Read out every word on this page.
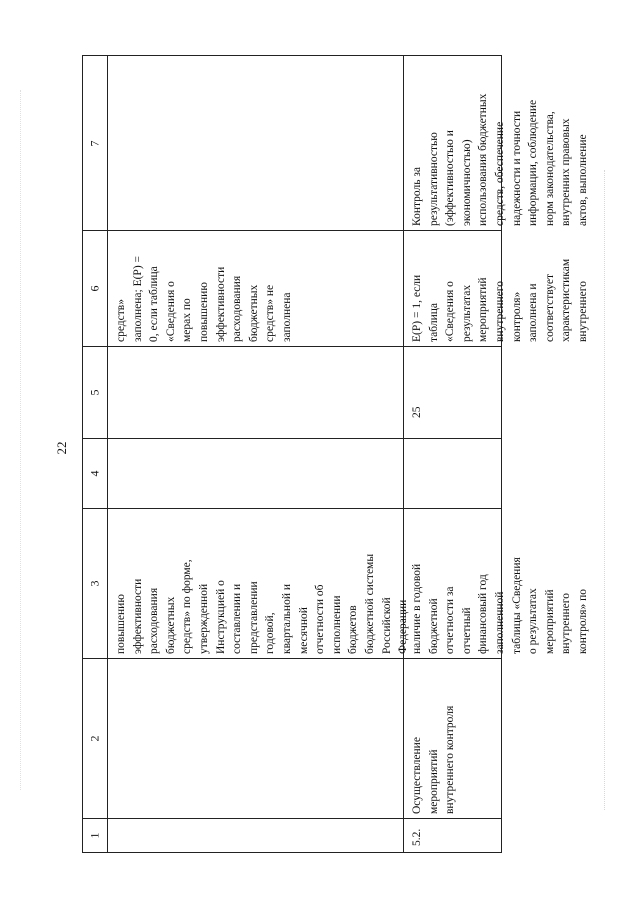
22
7
6
5
4
3
2
1
повышению эффективности расходования бюджетных средств» по форме, утвержденной Инструкцией о составлении и представлении годовой, квартальной и месячной отчетности об исполнении бюджетов бюджетной системы Российской Федерации
средств» заполнена; E(P) = 0, если таблица «Сведения о мерах по повышению эффективности расходования бюджетных средств» не заполнена
5.2.
Осуществление мероприятий внутреннего контроля
наличие в годовой бюджетной отчетности за отчетный финансовый год заполненной таблицы «Сведения о результатах мероприятий внутреннего контроля» по
25
E(P) = 1, если таблица «Сведения о результатах мероприятий внутреннего контроля» заполнена и соответствует характеристикам внутреннего
Контроль за результативностью (эффективностью и экономичностью) использования бюджетных средств, обеспечение надежности и точности информации, соблюдение норм законодательства, внутренних правовых актов, выполнение
